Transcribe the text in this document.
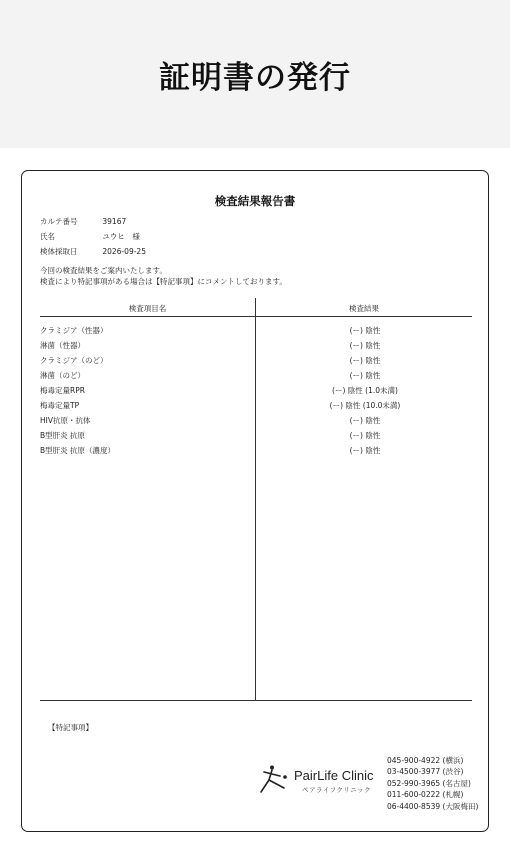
証明書の発行
検査結果報告書
カルテ番号	39167
氏名	ユウヒ　様
検体採取日	2026-09-25
今回の検査結果をご案内いたします。
検査により特記事項がある場合は【特記事項】にコメントしております。
検査項目名	検査結果
クラミジア（性器）	(ー) 陰性
淋菌（性器）	(ー) 陰性
クラミジア（のど）	(ー) 陰性
淋菌（のど）	(ー) 陰性
梅毒定量RPR	(ー) 陰性 (1.0未満)
梅毒定量TP	(ー) 陰性 (10.0未満)
HIV抗原・抗体	(ー) 陰性
B型肝炎 抗原	(ー) 陰性
B型肝炎 抗原（濃度）	(ー) 陰性
【特記事項】
PairLife Clinic
ペアライフクリニック
045-900-4922 (横浜)
03-4500-3977 (渋谷)
052-990-3965 (名古屋)
011-600-0222 (札幌)
06-4400-8539 (大阪梅田)
